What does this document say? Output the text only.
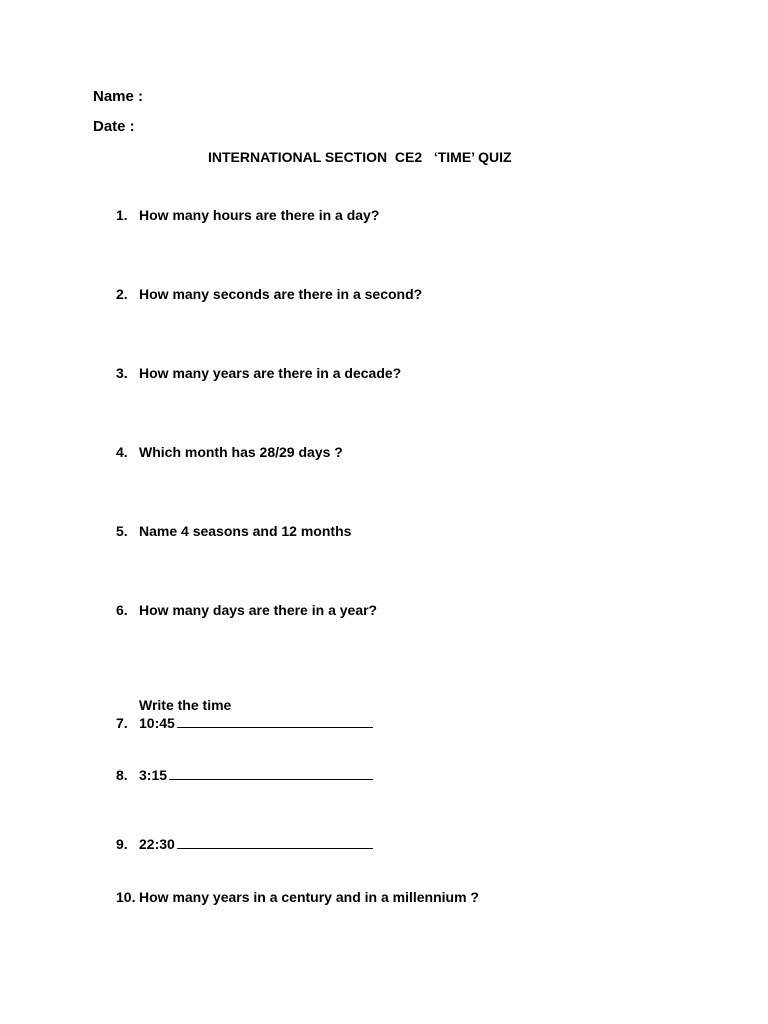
Name :
Date :
INTERNATIONAL SECTION  CE2   ‘TIME’ QUIZ
1. How many hours are there in a day?
2. How many seconds are there in a second?
3. How many years are there in a decade?
4. Which month has 28/29 days ?
5. Name 4 seasons and 12 months
6. How many days are there in a year?
Write the time
7. 10:45
8. 3:15
9. 22:30
10. How many years in a century and in a millennium ?
